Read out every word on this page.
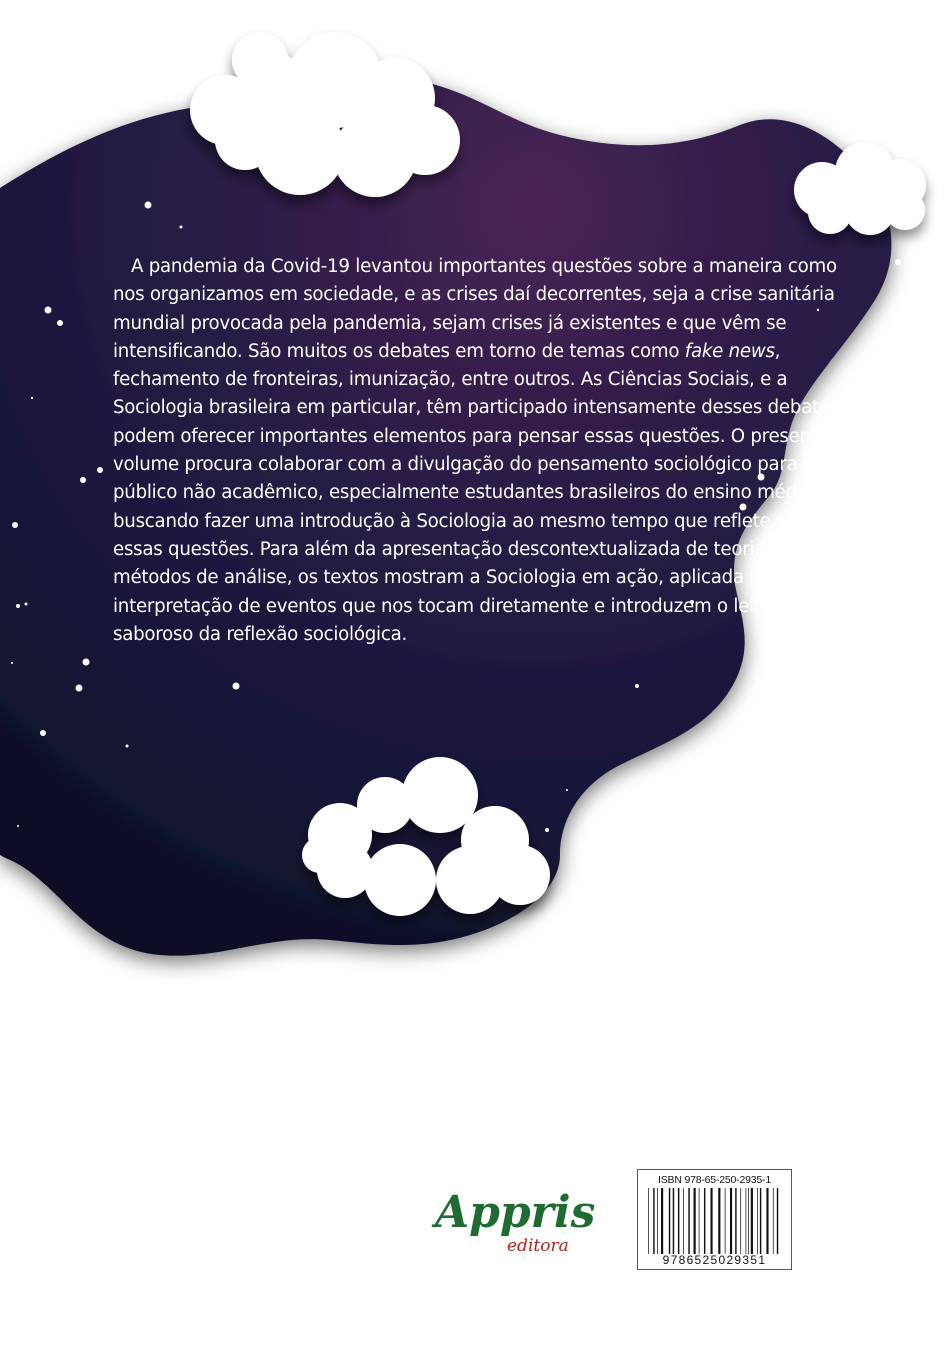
A pandemia da Covid-19 levantou importantes questões sobre a maneira como nos organizamos em sociedade, e as crises daí decorrentes, seja a crise sanitária mundial provocada pela pandemia, sejam crises já existentes e que vêm se intensificando. São muitos os debates em torno de temas como fake news, fechamento de fronteiras, imunização, entre outros. As Ciências Sociais, e a Sociologia brasileira em particular, têm participado intensamente desses debates e podem oferecer importantes elementos para pensar essas questões. O presente volume procura colaborar com a divulgação do pensamento sociológico para um público não acadêmico, especialmente estudantes brasileiros do ensino médio, buscando fazer uma introdução à Sociologia ao mesmo tempo que reflete sobre essas questões. Para além da apresentação descontextualizada de teorias e métodos de análise, os textos mostram a Sociologia em ação, aplicada na interpretação de eventos que nos tocam diretamente e introduzem o leitor ao lado saboroso da reflexão sociológica.

Appris
editora
ISBN 978-65-250-2935-1
9786525029351
